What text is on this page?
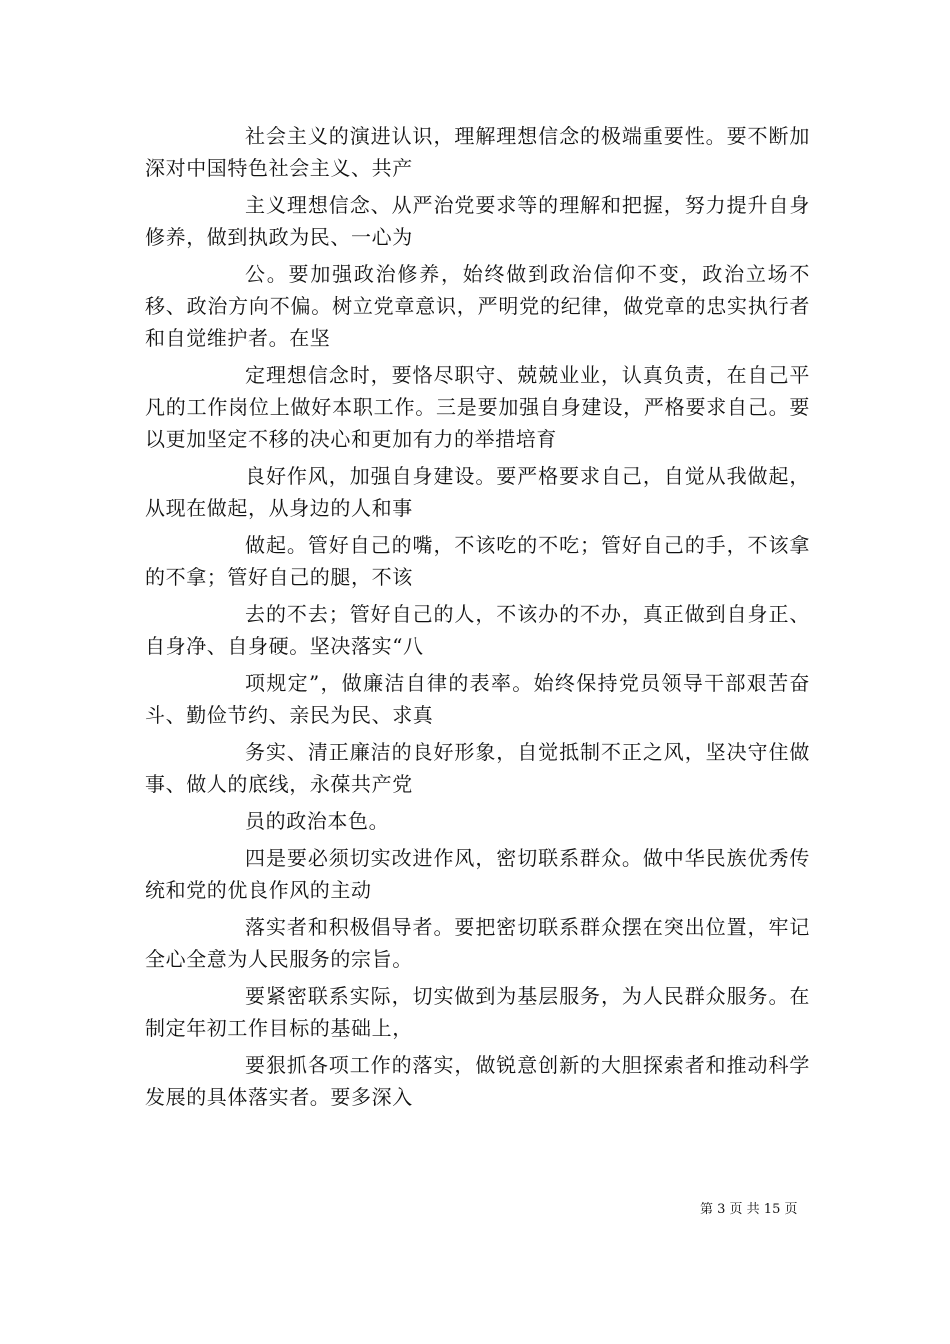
社会主义的演进认识，理解理想信念的极端重要性。要不断加深对中国特色社会主义、共产

主义理想信念、从严治党要求等的理解和把握，努力提升自身修养，做到执政为民、一心为

公。要加强政治修养，始终做到政治信仰不变，政治立场不移、政治方向不偏。树立党章意识，严明党的纪律，做党章的忠实执行者和自觉维护者。在坚

定理想信念时，要恪尽职守、兢兢业业，认真负责，在自己平凡的工作岗位上做好本职工作。三是要加强自身建设，严格要求自己。要以更加坚定不移的决心和更加有力的举措培育

良好作风，加强自身建设。要严格要求自己，自觉从我做起，从现在做起，从身边的人和事

做起。管好自己的嘴，不该吃的不吃；管好自己的手，不该拿的不拿；管好自己的腿，不该

去的不去；管好自己的人，不该办的不办，真正做到自身正、自身净、自身硬。坚决落实“八

项规定”，做廉洁自律的表率。始终保持党员领导干部艰苦奋斗、勤俭节约、亲民为民、求真

务实、清正廉洁的良好形象，自觉抵制不正之风，坚决守住做事、做人的底线，永葆共产党

员的政治本色。

四是要必须切实改进作风，密切联系群众。做中华民族优秀传统和党的优良作风的主动

落实者和积极倡导者。要把密切联系群众摆在突出位置，牢记全心全意为人民服务的宗旨。

要紧密联系实际，切实做到为基层服务，为人民群众服务。在制定年初工作目标的基础上，

要狠抓各项工作的落实，做锐意创新的大胆探索者和推动科学发展的具体落实者。要多深入

第 3 页 共 15 页
